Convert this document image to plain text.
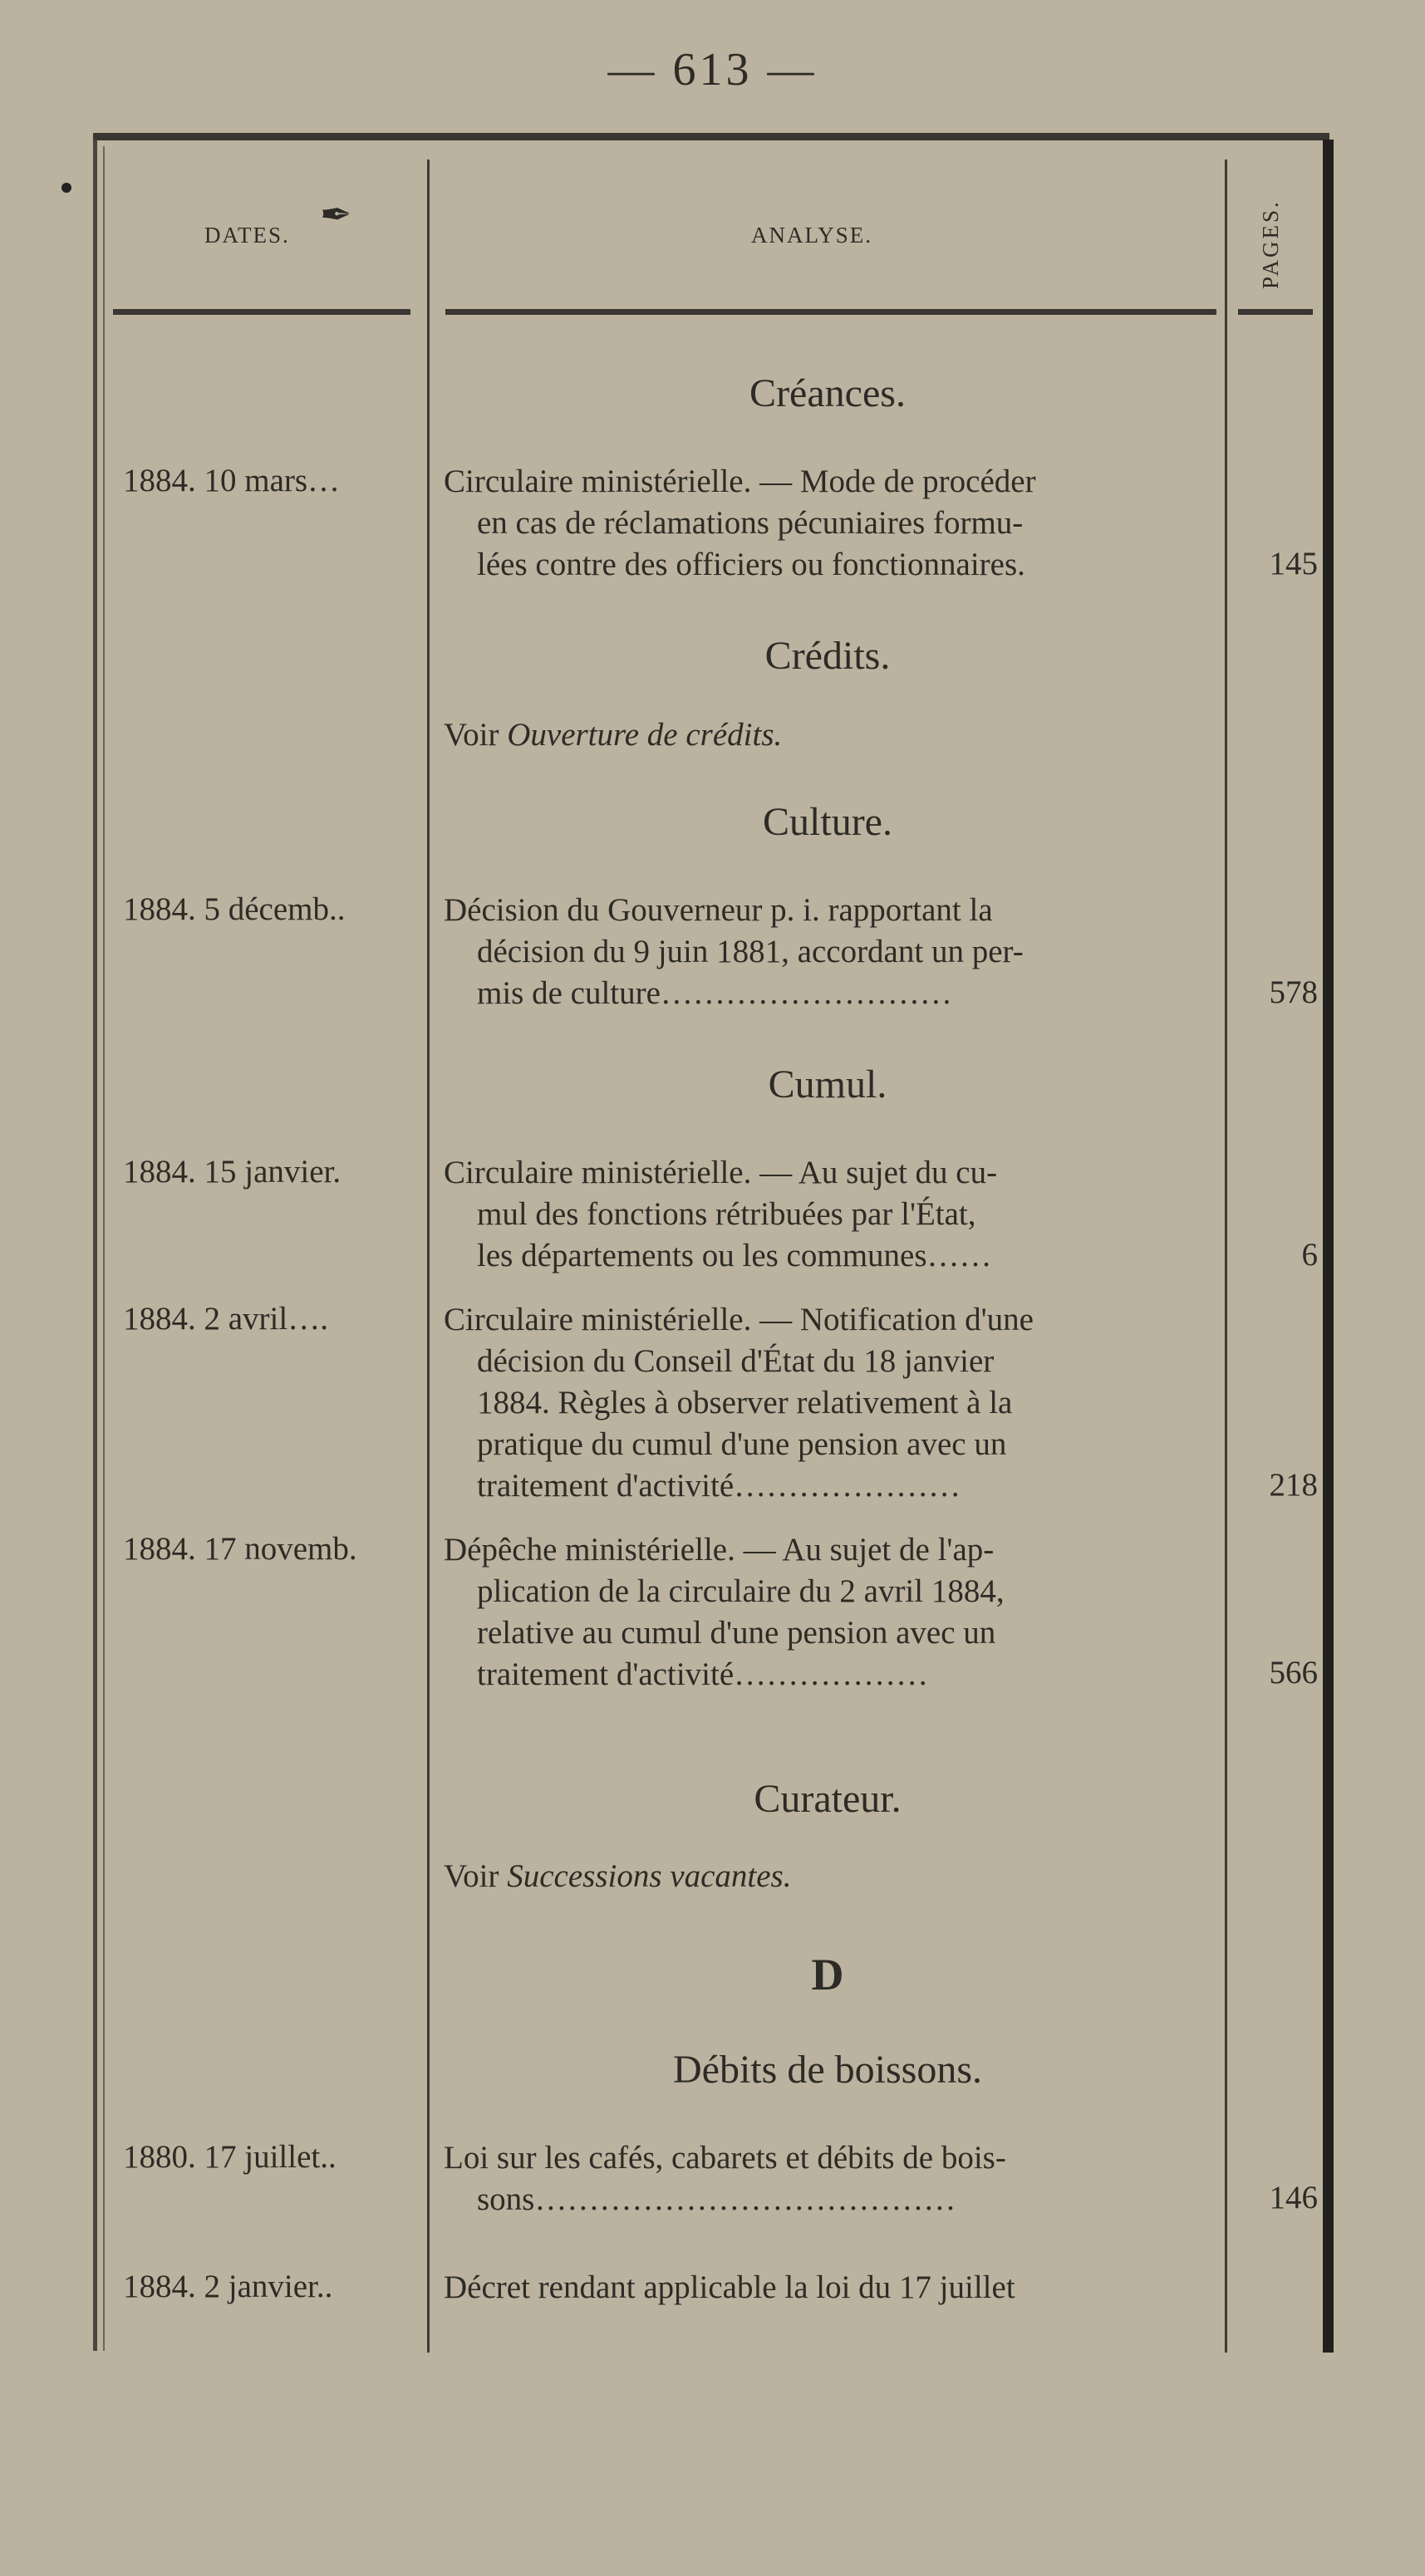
— 613 —
DATES. ✒	ANALYSE.	PAGES.
Créances.
1884. 10 mars…	Circulaire ministérielle. — Mode de procéder
en cas de réclamations pécuniaires formu-
lées contre des officiers ou fonctionnaires.	145
Crédits.
Voir Ouverture de crédits.
Culture.
1884. 5 décemb..	Décision du Gouverneur p. i. rapportant la
décision du 9 juin 1881, accordant un per-
mis de culture………………………	578
Cumul.
1884. 15 janvier.	Circulaire ministérielle. — Au sujet du cu-
mul des fonctions rétribuées par l'État,
les départements ou les communes……	6
1884. 2 avril….	Circulaire ministérielle. — Notification d'une
décision du Conseil d'État du 18 janvier
1884. Règles à observer relativement à la
pratique du cumul d'une pension avec un
traitement d'activité…………………	218
1884. 17 novemb.	Dépêche ministérielle. — Au sujet de l'ap-
plication de la circulaire du 2 avril 1884,
relative au cumul d'une pension avec un
traitement d'activité………………	566
Curateur.
Voir Successions vacantes.
D
Débits de boissons.
1880. 17 juillet..	Loi sur les cafés, cabarets et débits de bois-
sons…………………………………	146
1884. 2 janvier..	Décret rendant applicable la loi du 17 juillet
